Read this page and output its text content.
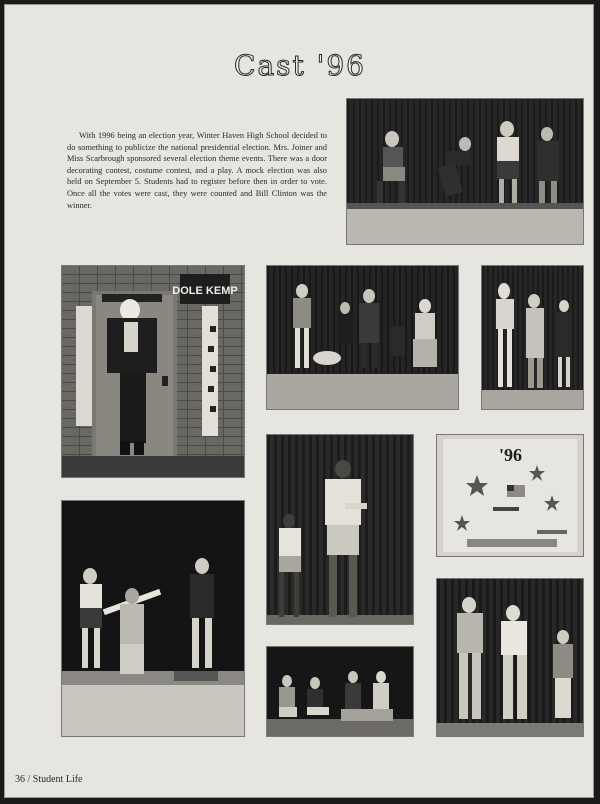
Cast '96

With 1996 being an election year, Winter Haven High School decided to do something to publicize the national presidential election. Mrs. Joiner and Miss Scarbrough sponsored several election theme events. There was a door decorating contest, costume contest, and a play. A mock election was also held on September 5. Students had to register before then in order to vote. Once all the votes were cast, they were counted and Bill Clinton was the winner.

DOLE KEMP
'96
36 / Student Life
